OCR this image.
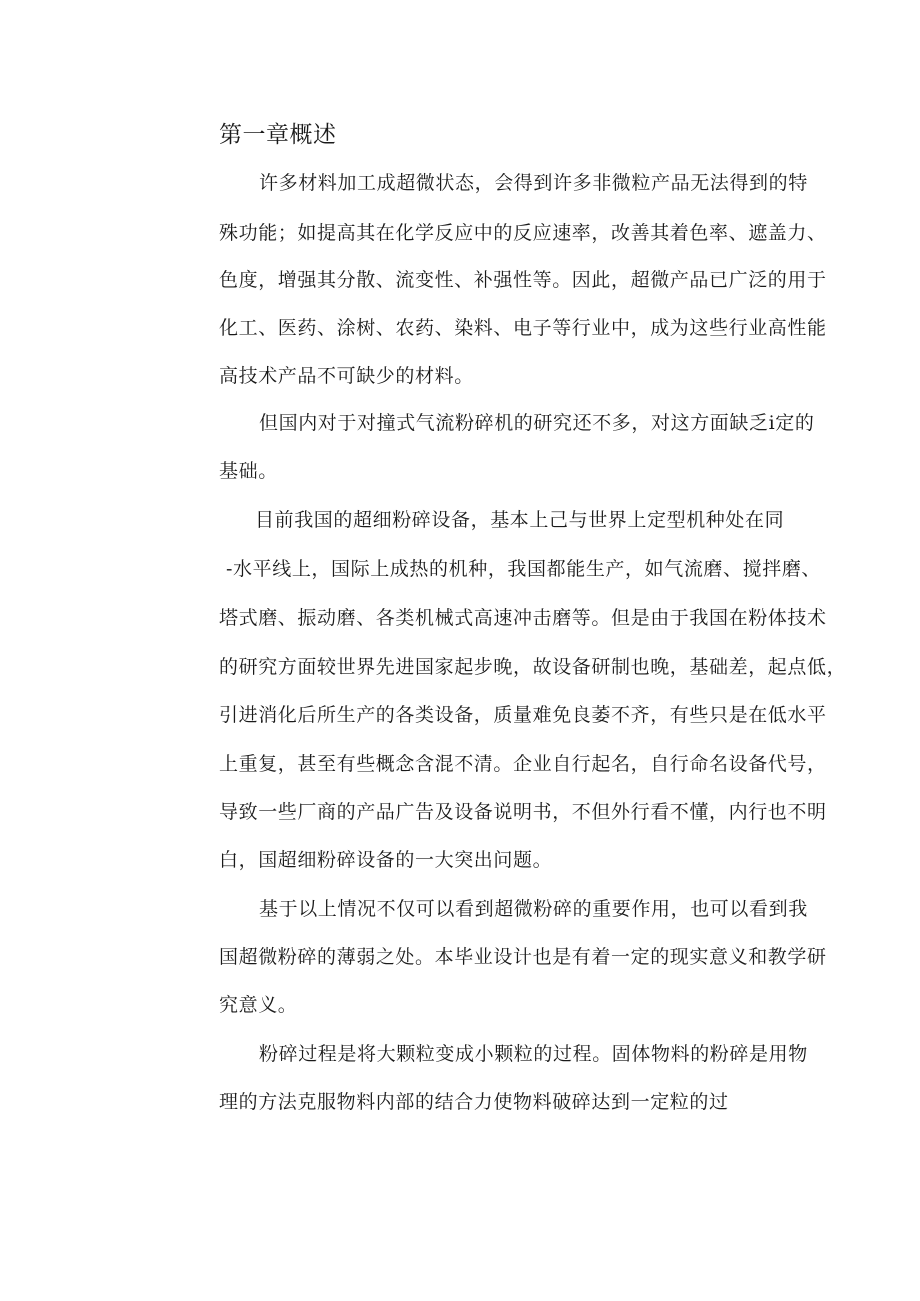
第一章概述

许多材料加工成超微状态，会得到许多非微粒产品无法得到的特

殊功能；如提高其在化学反应中的反应速率，改善其着色率、遮盖力、

色度，增强其分散、流变性、补强性等。因此，超微产品已广泛的用于

化工、医药、涂树、农药、染料、电子等行业中，成为这些行业高性能

高技术产品不可缺少的材料。

但国内对于对撞式气流粉碎机的研究还不多，对这方面缺乏i定的

基础。

目前我国的超细粉碎设备，基本上己与世界上定型机种处在同

-水平线上，国际上成热的机种，我国都能生产，如气流磨、搅拌磨、

塔式磨、振动磨、各类机械式高速冲击磨等。但是由于我国在粉体技术

的研究方面较世界先进国家起步晚，故设备研制也晚，基础差，起点低，

引进消化后所生产的各类设备，质量难免良萎不齐，有些只是在低水平

上重复，甚至有些概念含混不清。企业自行起名，自行命名设备代号，

导致一些厂商的产品广告及设备说明书，不但外行看不懂，内行也不明

白，国超细粉碎设备的一大突出问题。

基于以上情况不仅可以看到超微粉碎的重要作用，也可以看到我

国超微粉碎的薄弱之处。本毕业设计也是有着一定的现实意义和教学研

究意义。

粉碎过程是将大颗粒变成小颗粒的过程。固体物料的粉碎是用物

理的方法克服物料内部的结合力使物料破碎达到一定粒的过
